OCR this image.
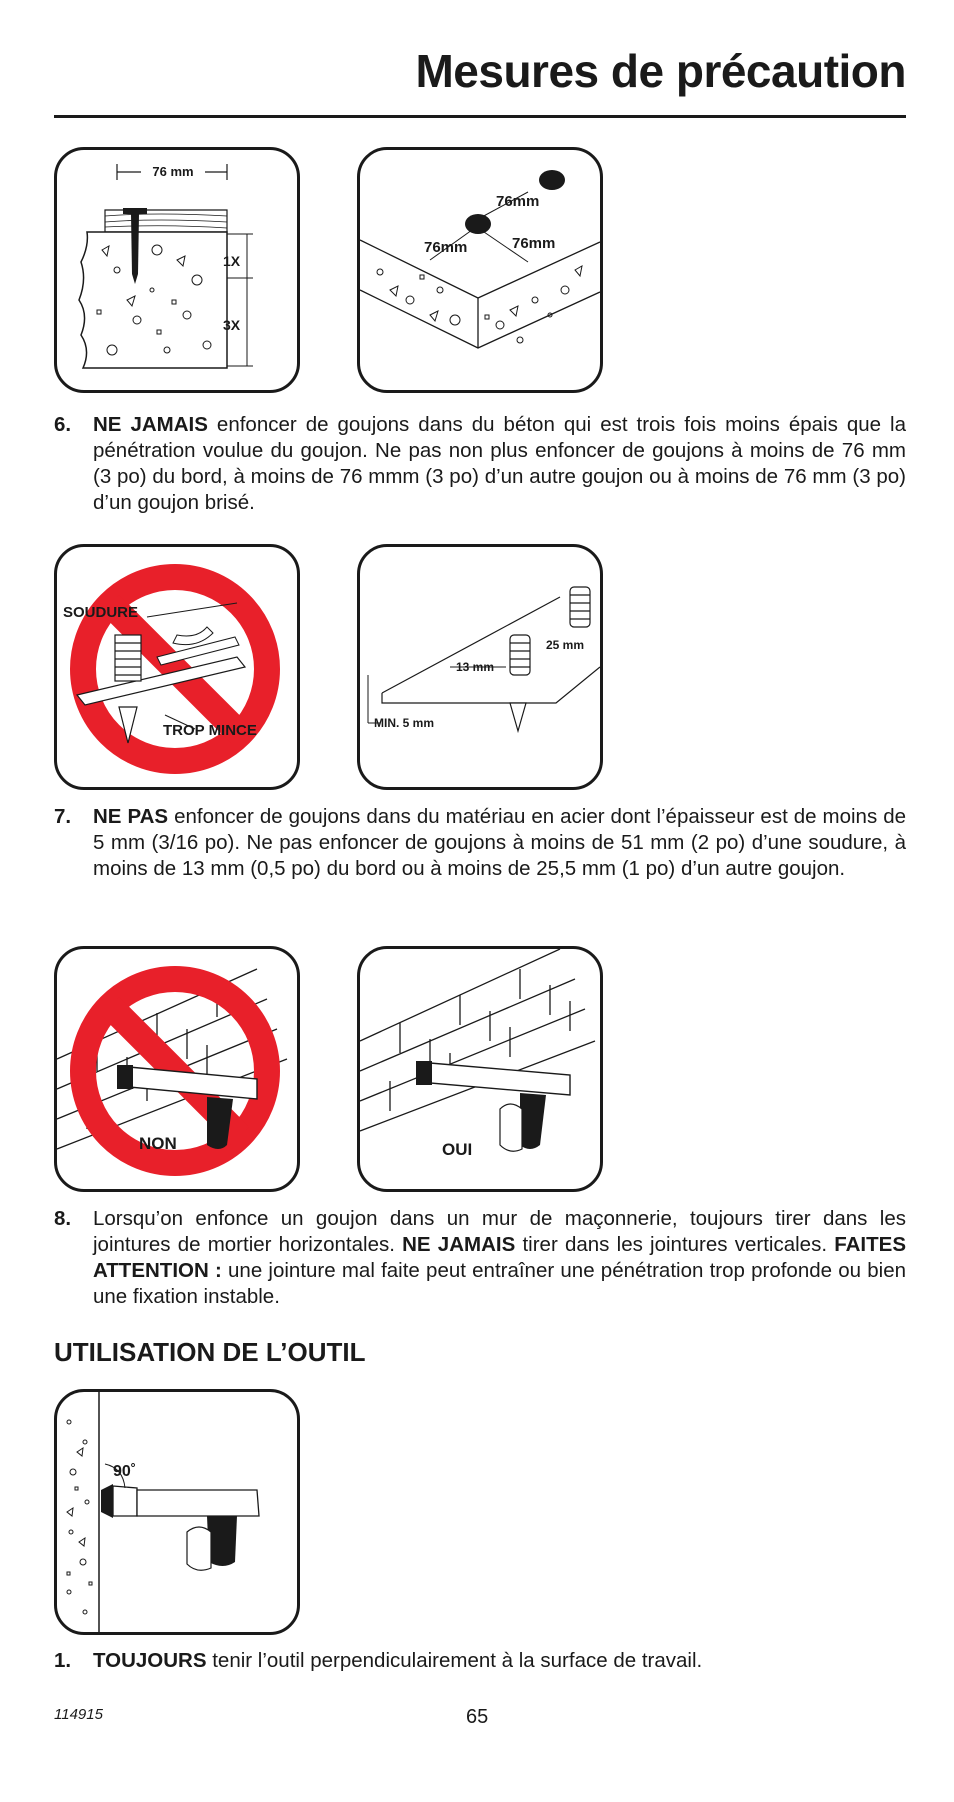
Mesures de précaution
76 mm
1X
3X
76mm
76mm	76mm
6. NE JAMAIS enfoncer de goujons dans du béton qui est trois fois moins épais que la pénétration voulue du goujon. Ne pas non plus enfoncer de goujons à moins de 76 mm (3 po) du bord, à moins de 76 mmm (3 po) d’un autre goujon ou à moins de 76 mm (3 po) d’un goujon brisé.
SOUDURE
TROP MINCE
13 mm
25 mm
MIN. 5 mm
7. NE PAS enfoncer de goujons dans du matériau en acier dont l’épaisseur est de moins de 5 mm (3/16 po). Ne pas enfoncer de goujons à moins de 51 mm (2 po) d’une soudure, à moins de 13 mm (0,5 po) du bord ou à moins de 25,5 mm (1 po) d’un autre goujon.
NON	OUI
8. Lorsqu’on enfonce un goujon dans un mur de maçonnerie, toujours tirer dans les jointures de mortier horizontales. NE JAMAIS tirer dans les jointures verticales. FAITES ATTENTION : une jointure mal faite peut entraîner une pénétration trop profonde ou bien une fixation instable.
UTILISATION DE L’OUTIL
90˚
1. TOUJOURS tenir l’outil perpendiculairement à la surface de travail.
114915	65
